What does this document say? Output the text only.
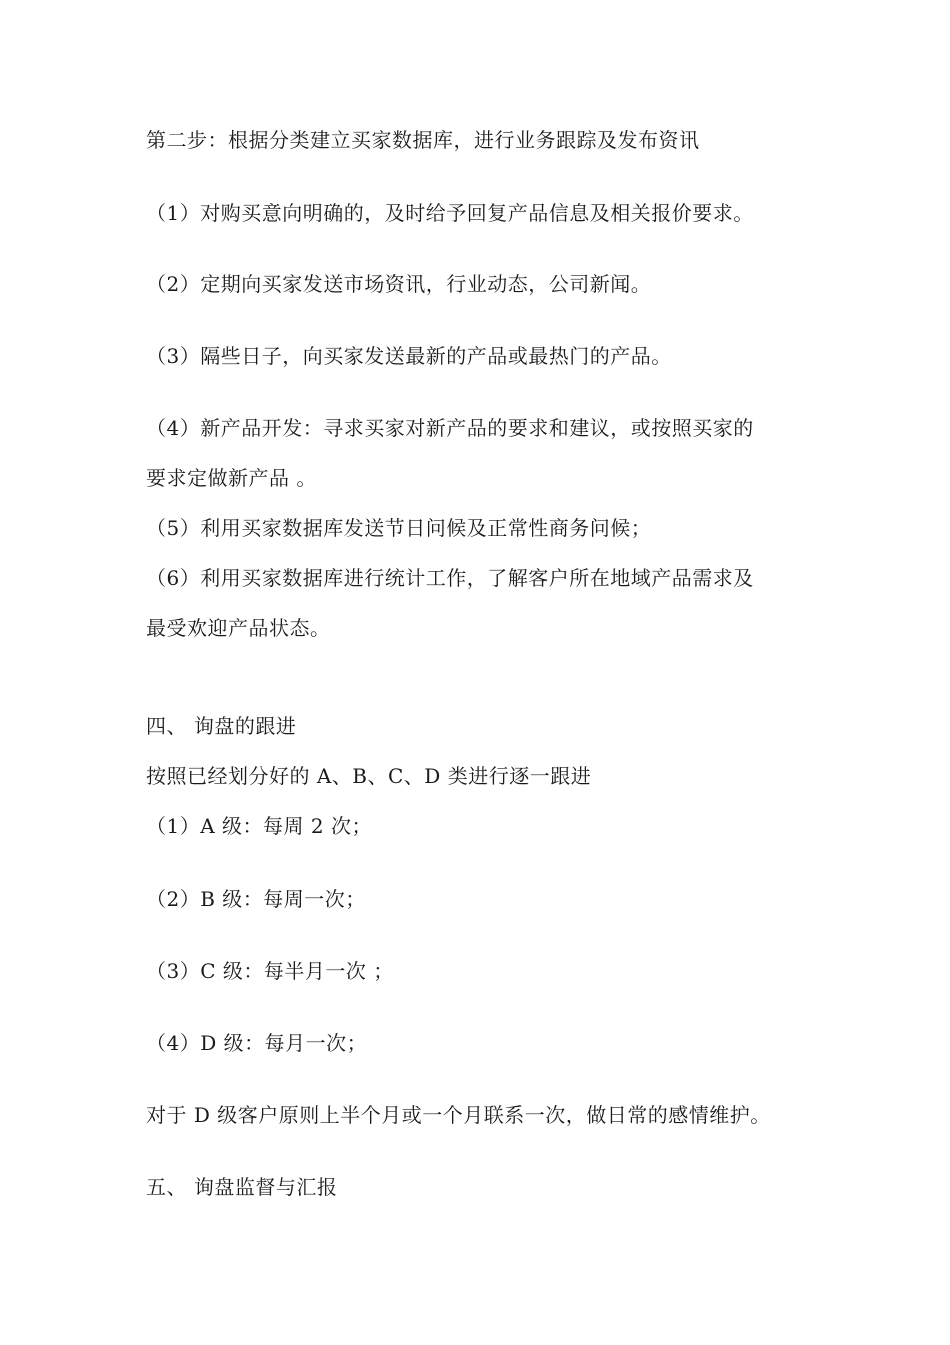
第二步：根据分类建立买家数据库，进行业务跟踪及发布资讯
（1）对购买意向明确的，及时给予回复产品信息及相关报价要求。
（2）定期向买家发送市场资讯，行业动态，公司新闻。
（3）隔些日子，向买家发送最新的产品或最热门的产品。
（4）新产品开发：寻求买家对新产品的要求和建议，或按照买家的
要求定做新产品 。
（5）利用买家数据库发送节日问候及正常性商务问候；
（6）利用买家数据库进行统计工作，了解客户所在地域产品需求及
最受欢迎产品状态。
四、 询盘的跟进
按照已经划分好的 A、B、C、D 类进行逐一跟进
（1）A 级：每周 2 次；
（2）B 级：每周一次；
（3）C 级：每半月一次 ；
（4）D 级：每月一次；
对于 D 级客户原则上半个月或一个月联系一次，做日常的感情维护。
五、 询盘监督与汇报
